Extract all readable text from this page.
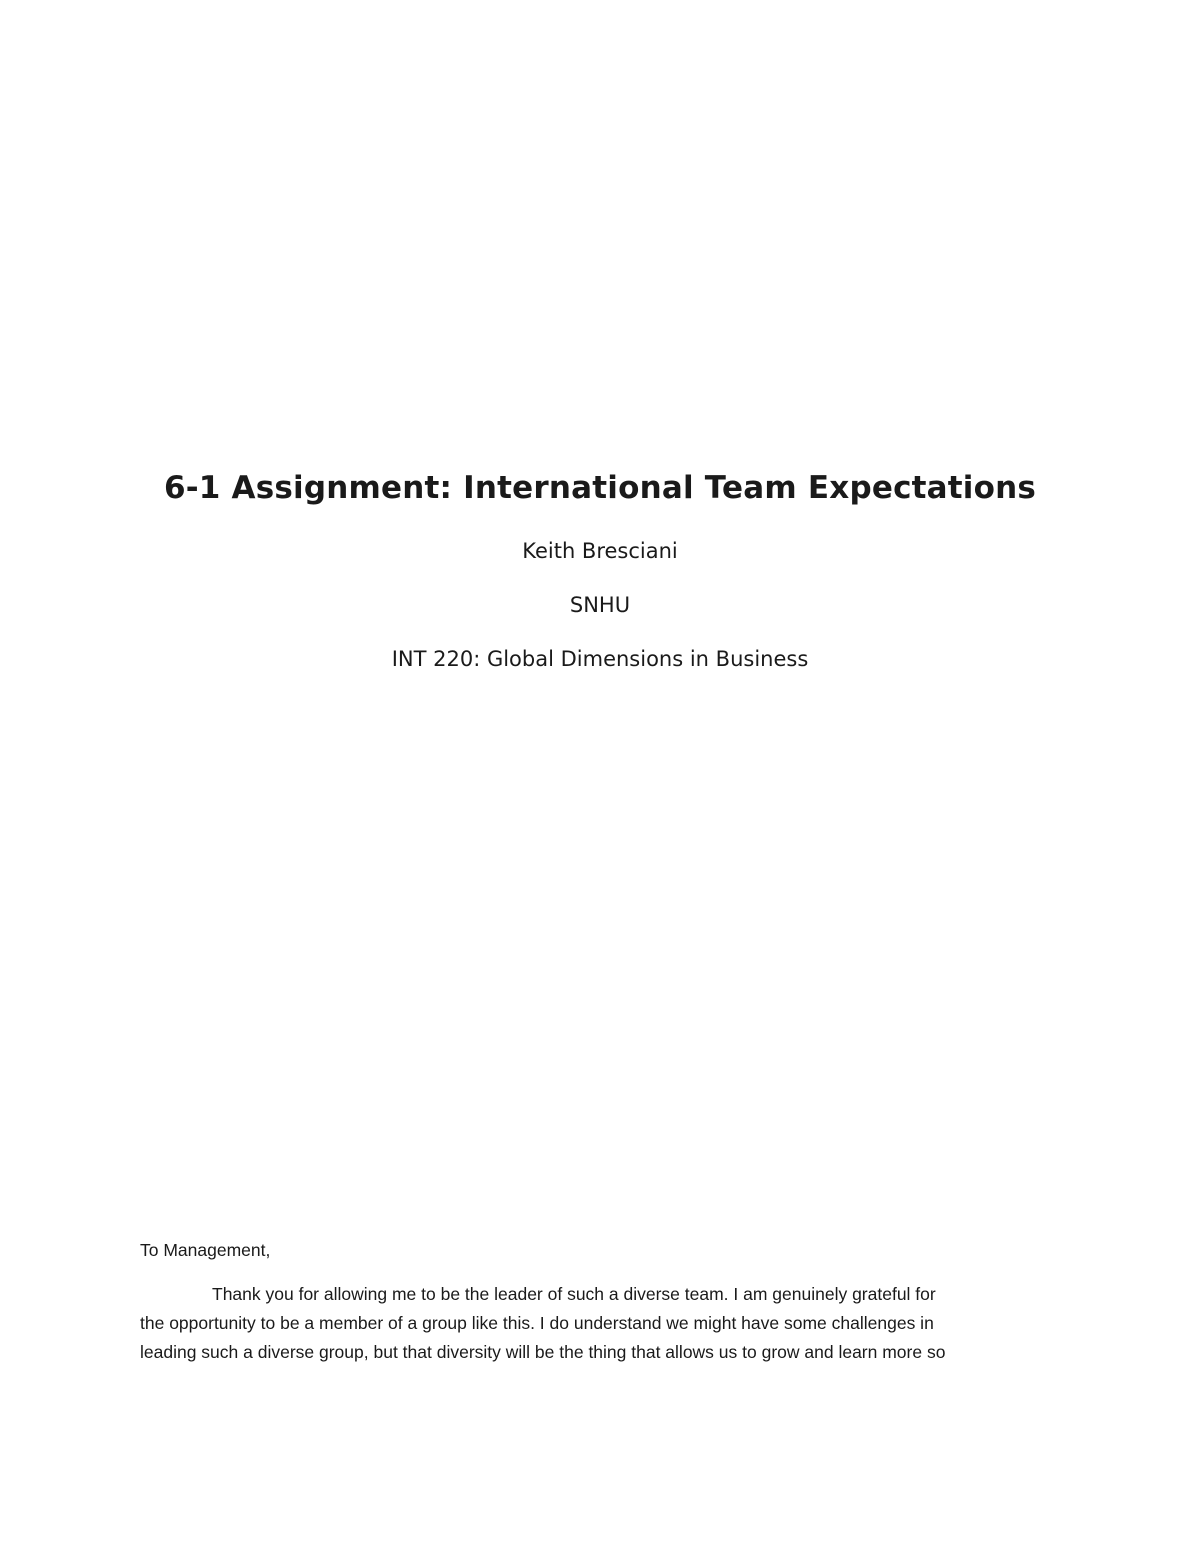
6-1 Assignment: International Team Expectations

Keith Bresciani

SNHU

INT 220: Global Dimensions in Business

To Management,

Thank you for allowing me to be the leader of such a diverse team. I am genuinely grateful for
the opportunity to be a member of a group like this. I do understand we might have some challenges in
leading such a diverse group, but that diversity will be the thing that allows us to grow and learn more so
